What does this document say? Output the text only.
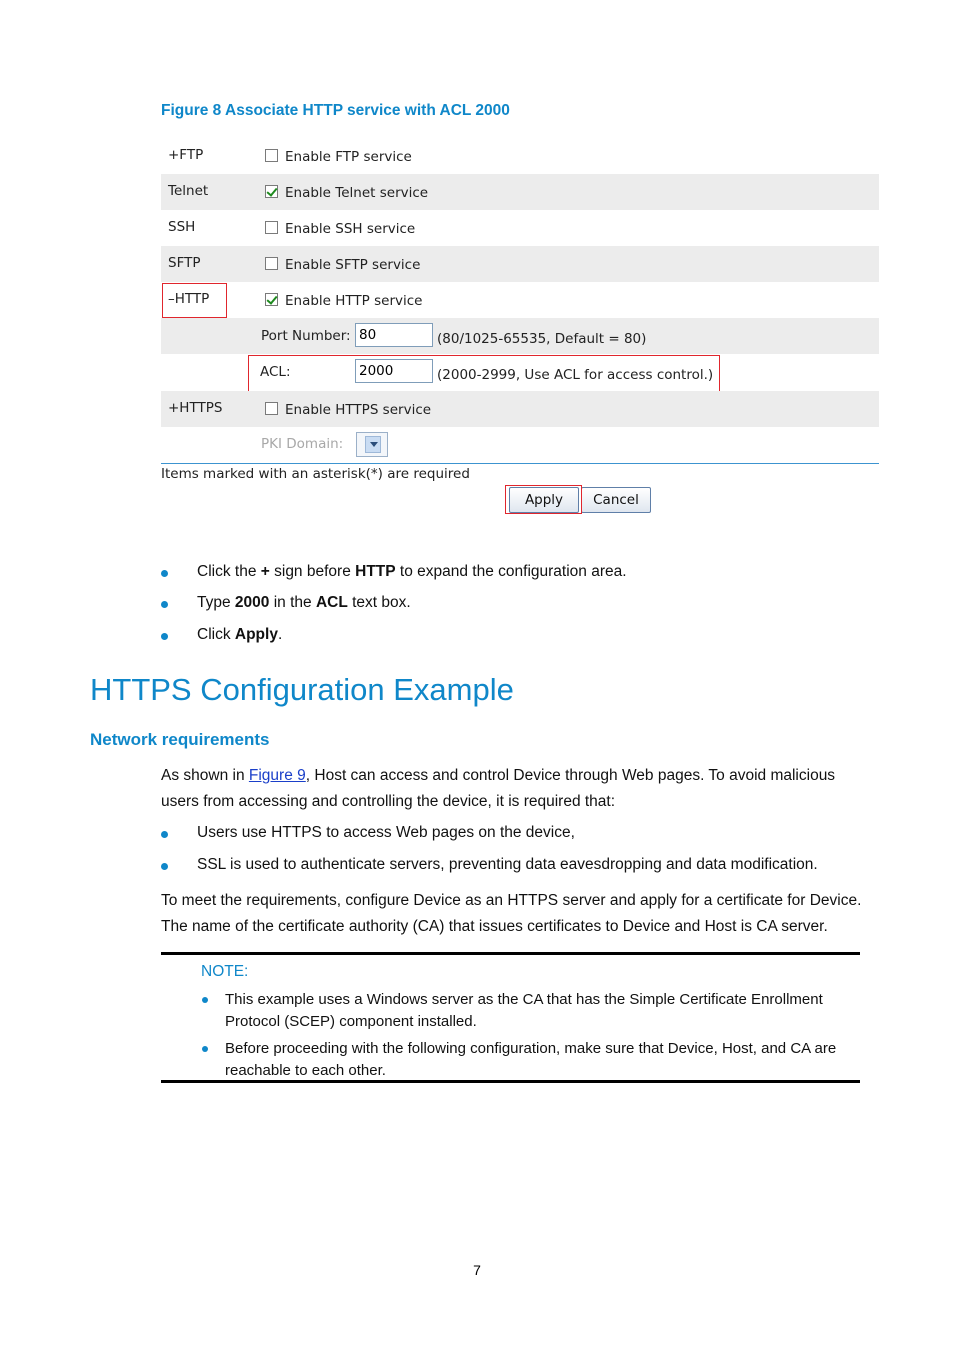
Figure 8 Associate HTTP service with ACL 2000
+FTP	Enable FTP service
Telnet	Enable Telnet service
SSH	Enable SSH service
SFTP	Enable SFTP service
–HTTP	Enable HTTP service
Port Number:
80	(80/1025-65535, Default = 80)
ACL:
2000	(2000-2999, Use ACL for access control.)
+HTTPS	Enable HTTPS service
PKI Domain:
Items marked with an asterisk(*) are required
Apply	Cancel
Click the + sign before HTTP to expand the configuration area.
Type 2000 in the ACL text box.
Click Apply.
HTTPS Configuration Example
Network requirements
As shown in Figure 9, Host can access and control Device through Web pages. To avoid malicious users from accessing and controlling the device, it is required that:
Users use HTTPS to access Web pages on the device,
SSL is used to authenticate servers, preventing data eavesdropping and data modification.
To meet the requirements, configure Device as an HTTPS server and apply for a certificate for Device. The name of the certificate authority (CA) that issues certificates to Device and Host is CA server.
NOTE:
This example uses a Windows server as the CA that has the Simple Certificate Enrollment Protocol (SCEP) component installed.
Before proceeding with the following configuration, make sure that Device, Host, and CA are reachable to each other.
7
